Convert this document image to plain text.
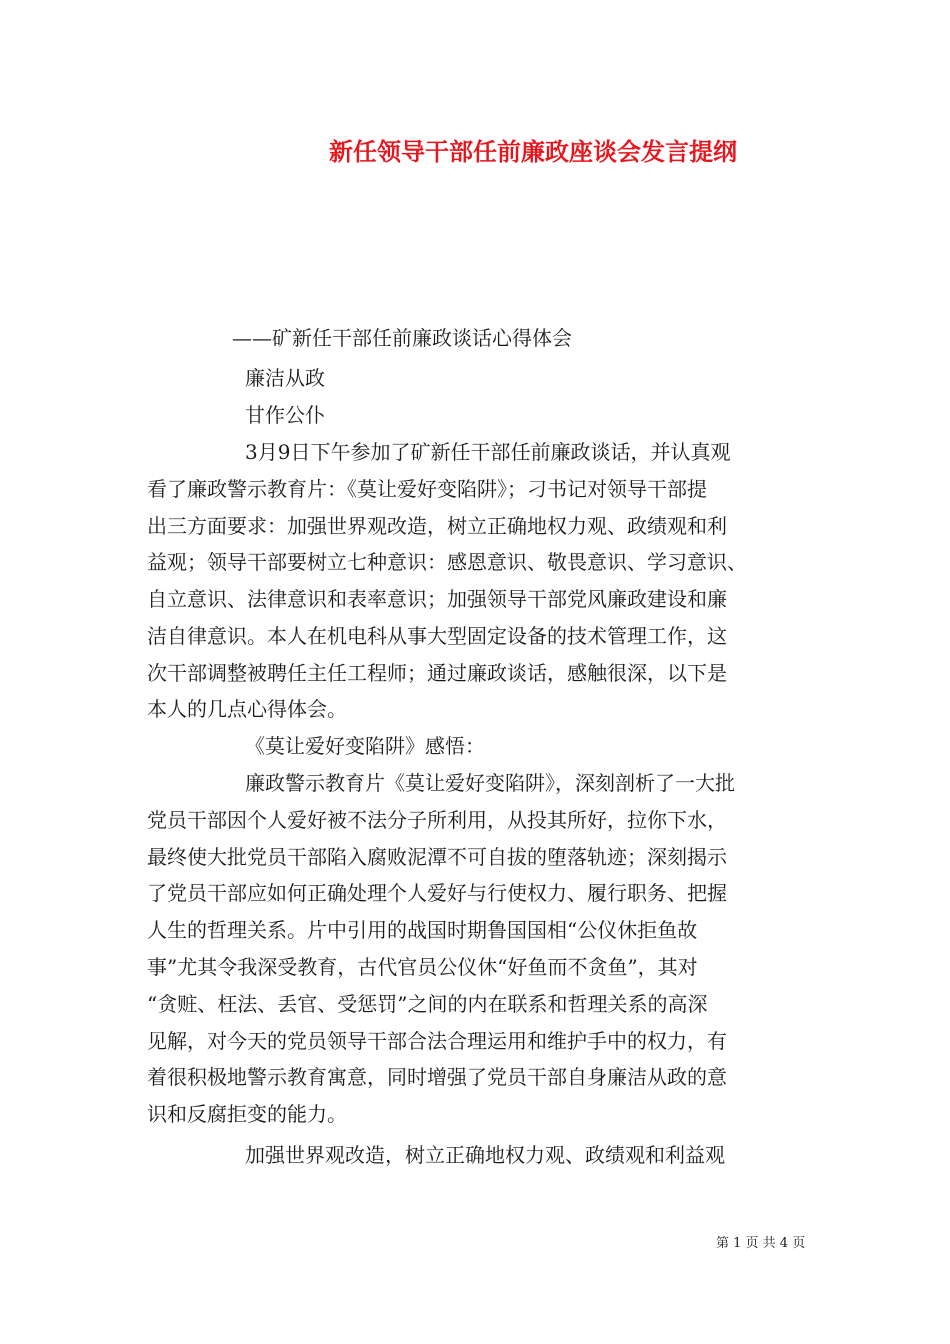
新任领导干部任前廉政座谈会发言提纲
——矿新任干部任前廉政谈话心得体会
廉洁从政
甘作公仆
3月9日下午参加了矿新任干部任前廉政谈话，并认真观
看了廉政警示教育片：《莫让爱好变陷阱》；刁书记对领导干部提
出三方面要求：加强世界观改造，树立正确地权力观、政绩观和利
益观；领导干部要树立七种意识：感恩意识、敬畏意识、学习意识、
自立意识、法律意识和表率意识；加强领导干部党风廉政建设和廉
洁自律意识。本人在机电科从事大型固定设备的技术管理工作，这
次干部调整被聘任主任工程师；通过廉政谈话，感触很深，以下是
本人的几点心得体会。
《莫让爱好变陷阱》感悟：
廉政警示教育片《莫让爱好变陷阱》，深刻剖析了一大批
党员干部因个人爱好被不法分子所利用，从投其所好，拉你下水，
最终使大批党员干部陷入腐败泥潭不可自拔的堕落轨迹；深刻揭示
了党员干部应如何正确处理个人爱好与行使权力、履行职务、把握
人生的哲理关系。片中引用的战国时期鲁国国相“公仪休拒鱼故
事”尤其令我深受教育，古代官员公仪休“好鱼而不贪鱼”，其对
“贪赃、枉法、丢官、受惩罚”之间的内在联系和哲理关系的高深
见解，对今天的党员领导干部合法合理运用和维护手中的权力，有
着很积极地警示教育寓意，同时增强了党员干部自身廉洁从政的意
识和反腐拒变的能力。
加强世界观改造，树立正确地权力观、政绩观和利益观
第 1 页 共 4 页
